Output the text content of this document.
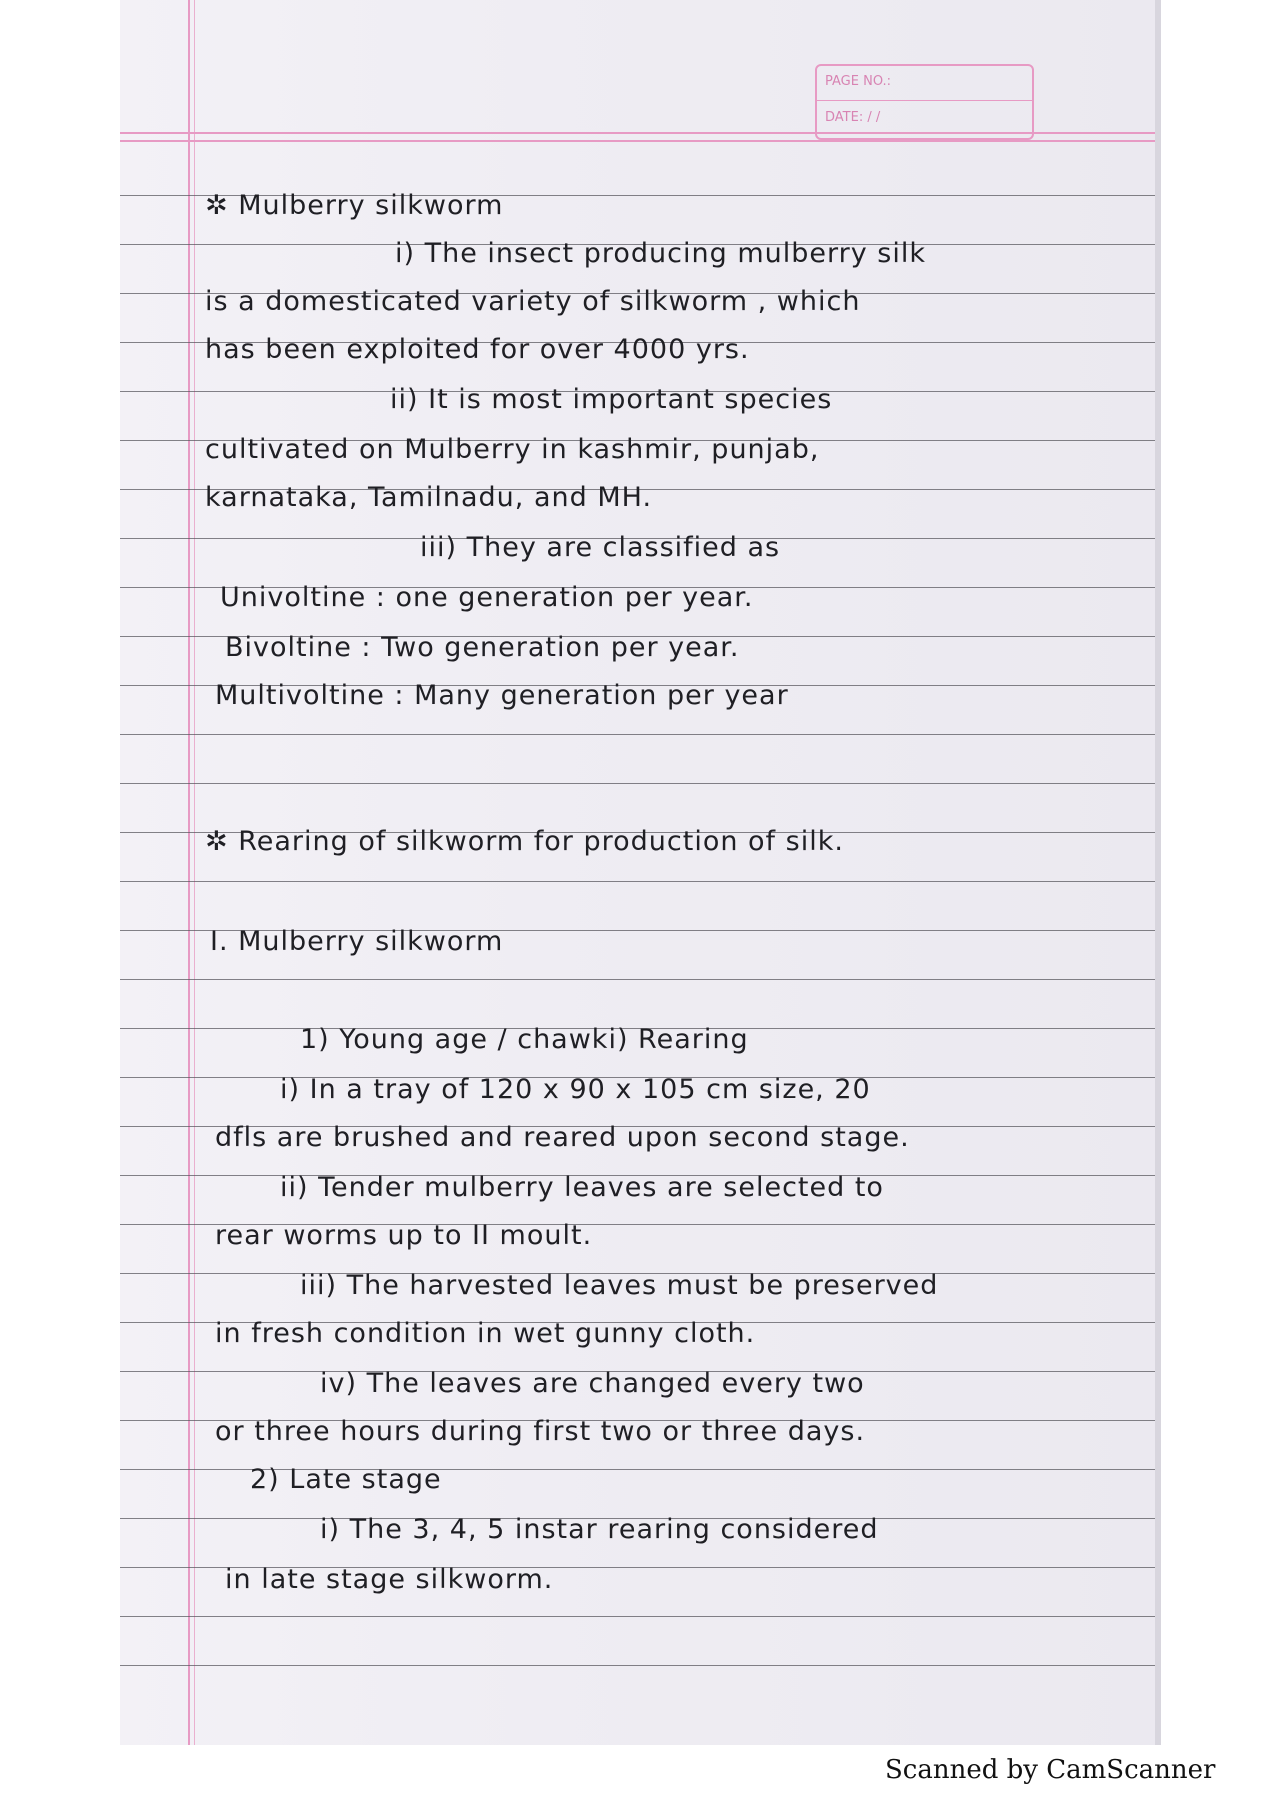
PAGE NO.:
DATE: / /
✲ Mulberry silkworm
i) The insect producing mulberry silk
is a domesticated variety of silkworm , which
has been exploited for over 4000 yrs.
ii) It is most important species
cultivated on Mulberry in kashmir, punjab,
karnataka, Tamilnadu, and MH.
iii) They are classified as
Univoltine : one generation per year.
Bivoltine : Two generation per year.
Multivoltine : Many generation per year
✲ Rearing of silkworm for production of silk.
I. Mulberry silkworm
1) Young age / chawki) Rearing
i) In a tray of 120 x 90 x 105 cm size, 20
dfls are brushed and reared upon second stage.
ii) Tender mulberry leaves are selected to
rear worms up to II moult.
iii) The harvested leaves must be preserved
in fresh condition in wet gunny cloth.
iv) The leaves are changed every two
or three hours during first two or three days.
2) Late stage
i) The 3, 4, 5 instar rearing considered
in late stage silkworm.
Scanned by CamScanner
